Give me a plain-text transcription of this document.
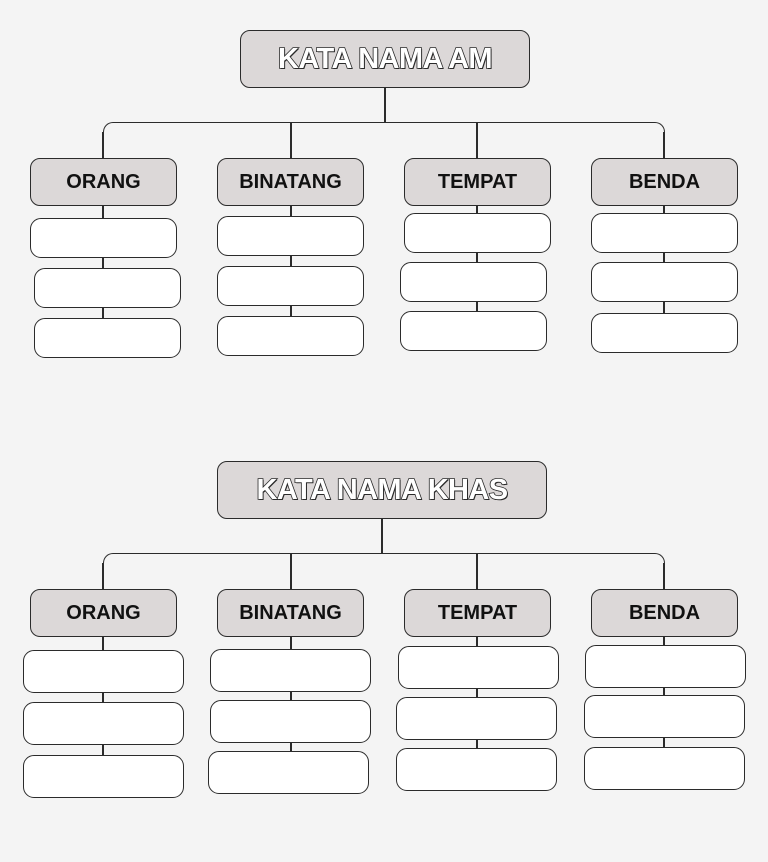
KATA NAMA AM
ORANG	BINATANG	TEMPAT	BENDA
KATA NAMA KHAS
ORANG	BINATANG	TEMPAT	BENDA
